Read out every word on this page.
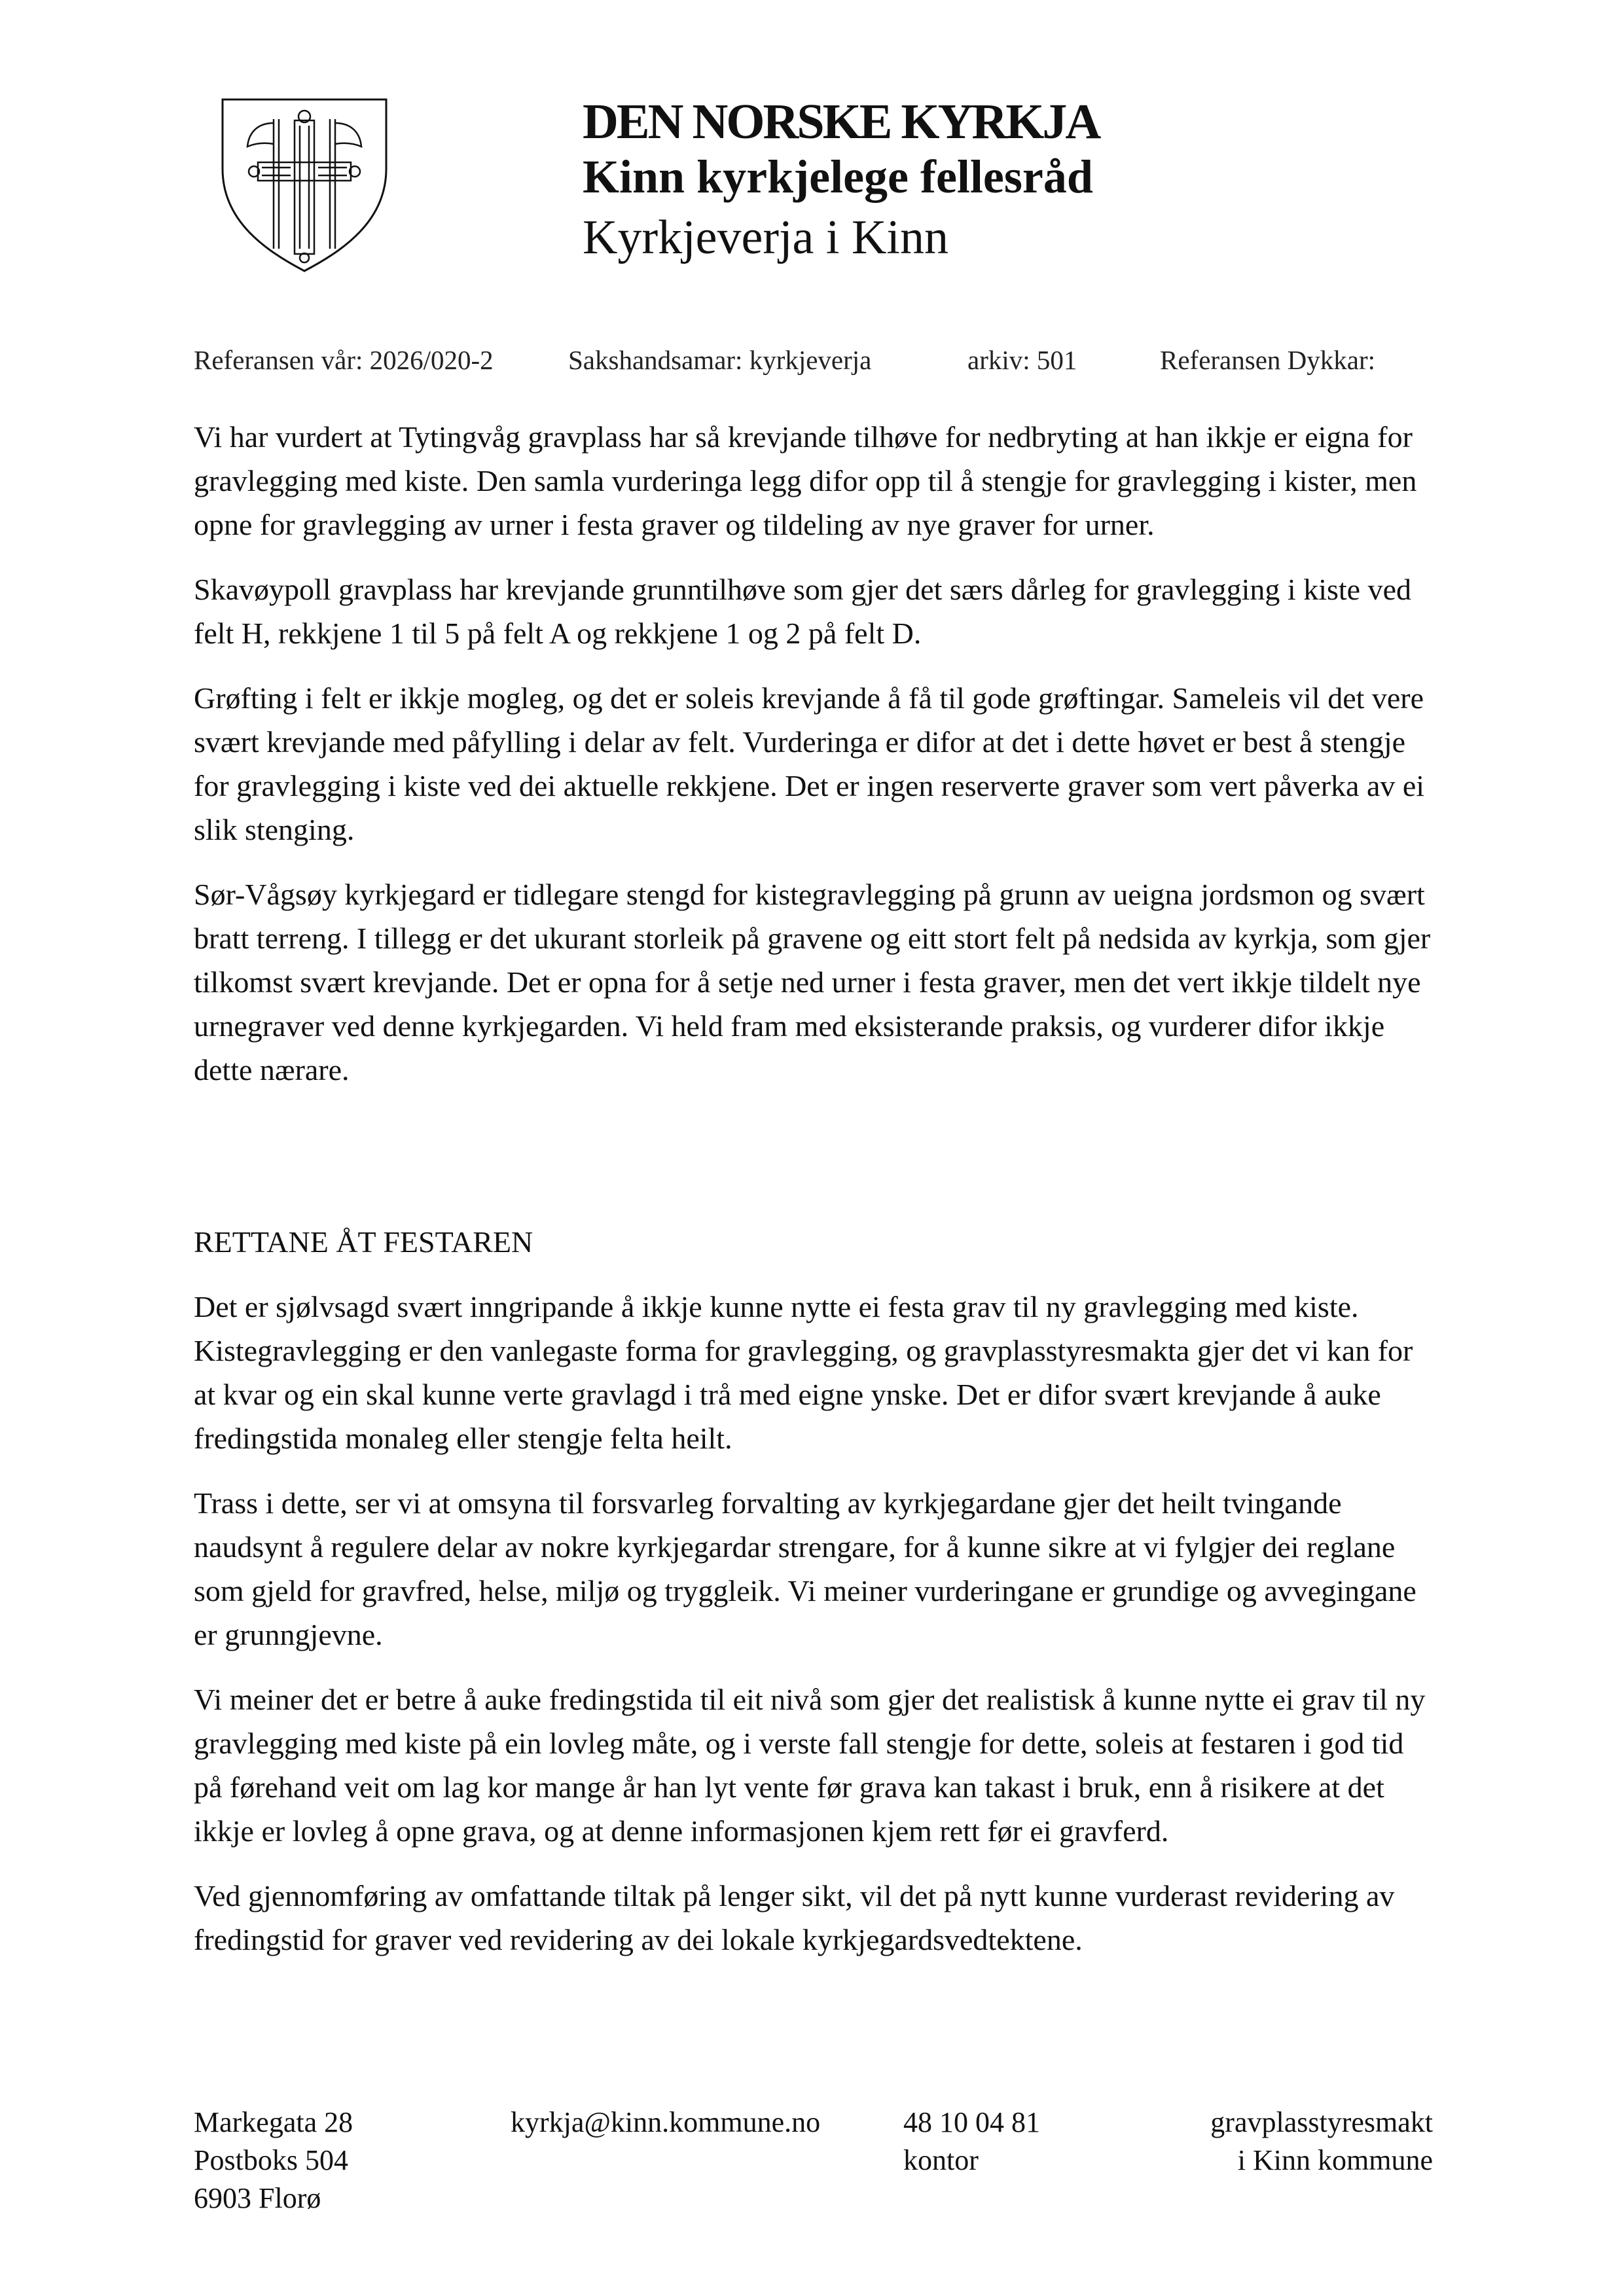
DEN NORSKE KYRKJA
Kinn kyrkjelege fellesråd
Kyrkjeverja i Kinn
Referansen vår: 2026/020-2	Sakshandsamar: kyrkjeverja	arkiv: 501	Referansen Dykkar:

Vi har vurdert at Tytingvåg gravplass har så krevjande tilhøve for nedbryting at han ikkje er eigna for gravlegging med kiste. Den samla vurderinga legg difor opp til å stengje for gravlegging i kister, men opne for gravlegging av urner i festa graver og tildeling av nye graver for urner.

Skavøypoll gravplass har krevjande grunntilhøve som gjer det særs dårleg for gravlegging i kiste ved felt H, rekkjene 1 til 5 på felt A og rekkjene 1 og 2 på felt D.

Grøfting i felt er ikkje mogleg, og det er soleis krevjande å få til gode grøftingar. Sameleis vil det vere svært krevjande med påfylling i delar av felt. Vurderinga er difor at det i dette høvet er best å stengje for gravlegging i kiste ved dei aktuelle rekkjene. Det er ingen reserverte graver som vert påverka av ei slik stenging.

Sør-Vågsøy kyrkjegard er tidlegare stengd for kistegravlegging på grunn av ueigna jordsmon og svært bratt terreng. I tillegg er det ukurant storleik på gravene og eitt stort felt på nedsida av kyrkja, som gjer tilkomst svært krevjande. Det er opna for å setje ned urner i festa graver, men det vert ikkje tildelt nye urnegraver ved denne kyrkjegarden. Vi held fram med eksisterande praksis, og vurderer difor ikkje dette nærare.

RETTANE ÅT FESTAREN

Det er sjølvsagd svært inngripande å ikkje kunne nytte ei festa grav til ny gravlegging med kiste. Kistegravlegging er den vanlegaste forma for gravlegging, og gravplasstyresmakta gjer det vi kan for at kvar og ein skal kunne verte gravlagd i trå med eigne ynske. Det er difor svært krevjande å auke fredingstida monaleg eller stengje felta heilt.

Trass i dette, ser vi at omsyna til forsvarleg forvalting av kyrkjegardane gjer det heilt tvingande naudsynt å regulere delar av nokre kyrkjegardar strengare, for å kunne sikre at vi fylgjer dei reglane som gjeld for gravfred, helse, miljø og tryggleik. Vi meiner vurderingane er grundige og avvegingane er grunngjevne.

Vi meiner det er betre å auke fredingstida til eit nivå som gjer det realistisk å kunne nytte ei grav til ny gravlegging med kiste på ein lovleg måte, og i verste fall stengje for dette, soleis at festaren i god tid på førehand veit om lag kor mange år han lyt vente før grava kan takast i bruk, enn å risikere at det ikkje er lovleg å opne grava, og at denne informasjonen kjem rett før ei gravferd.

Ved gjennomføring av omfattande tiltak på lenger sikt, vil det på nytt kunne vurderast revidering av fredingstid for graver ved revidering av dei lokale kyrkjegardsvedtektene.

Markegata 28
Postboks 504
6903 Florø
kyrkja@kinn.kommune.no	48 10 04 81
kontor
gravplasstyresmakt
i Kinn kommune
